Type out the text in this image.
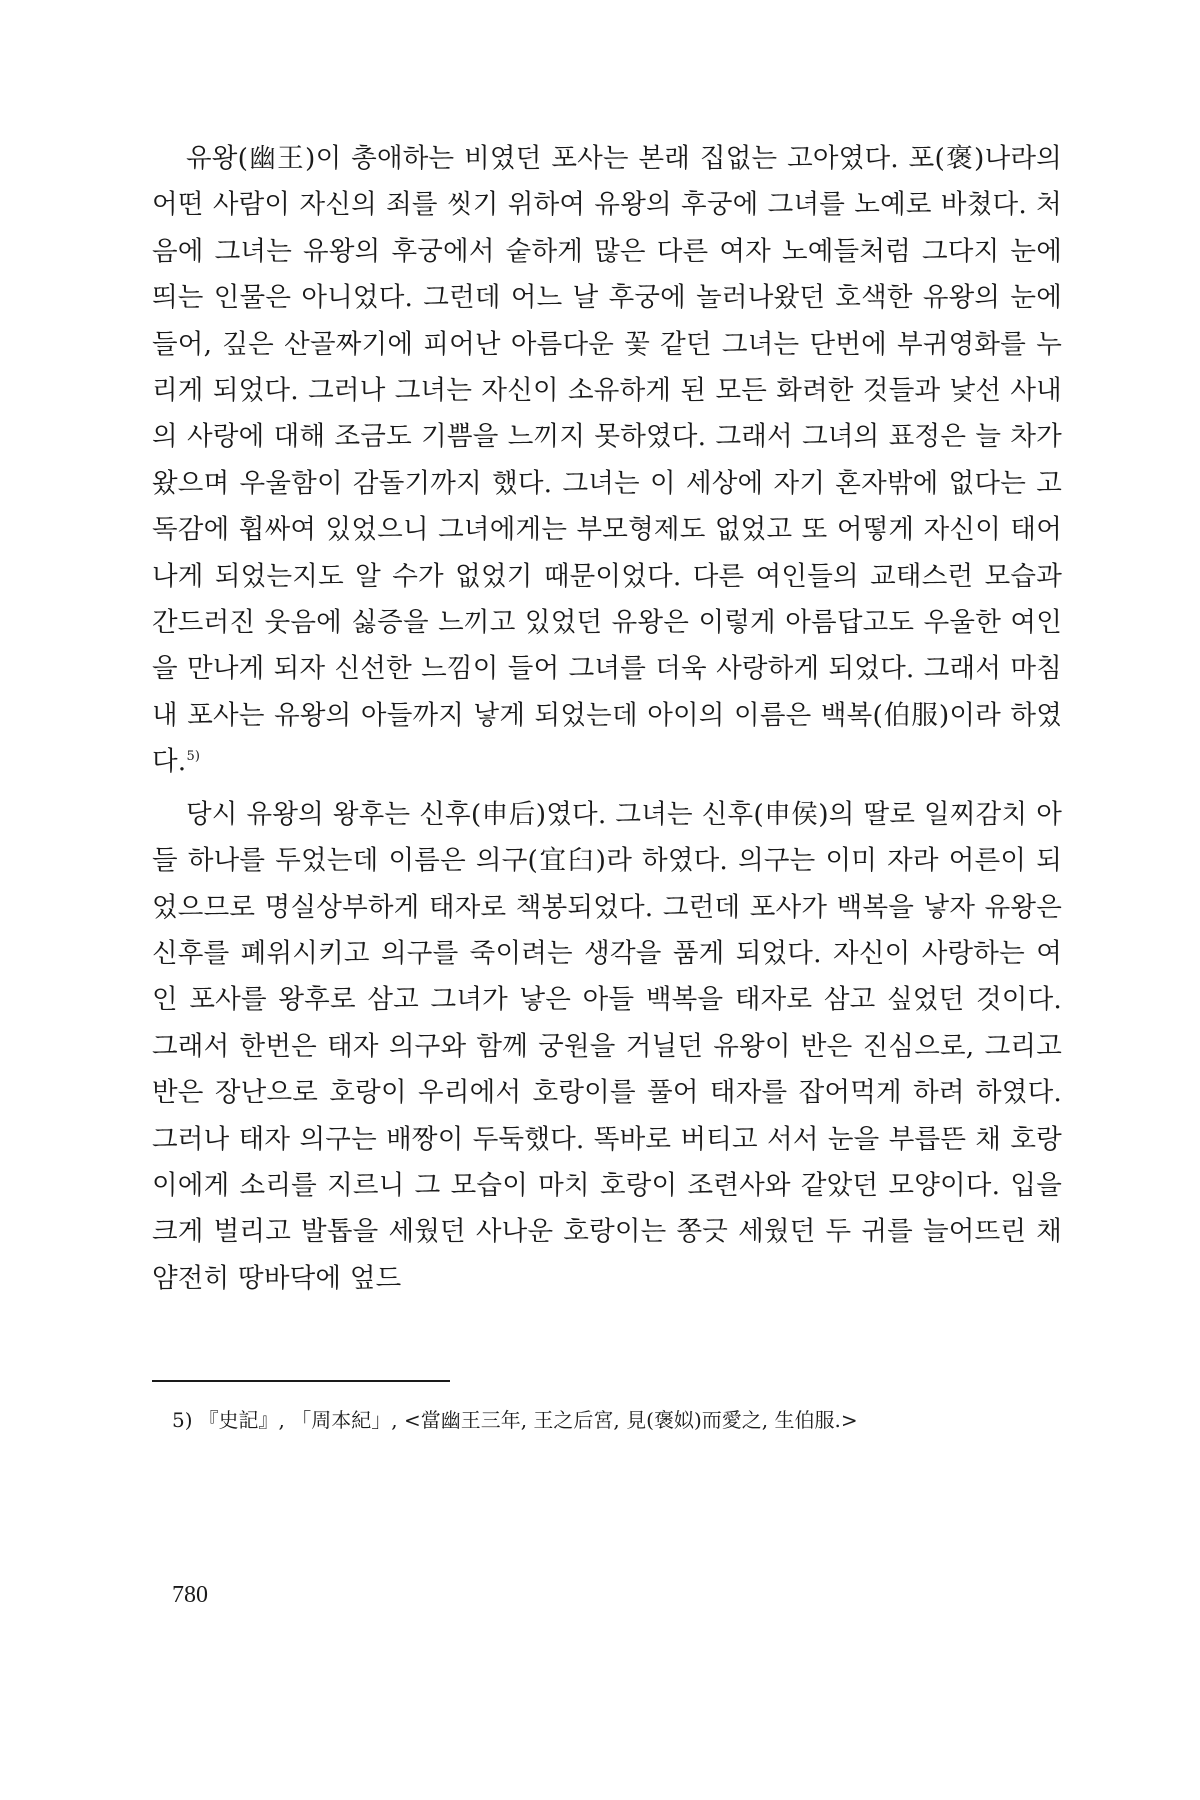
유왕(幽王)이 총애하는 비였던 포사는 본래 집없는 고아였다. 포(褒)나라의 어떤 사람이 자신의 죄를 씻기 위하여 유왕의 후궁에 그녀를 노예로 바쳤다. 처음에 그녀는 유왕의 후궁에서 숱하게 많은 다른 여자 노예들처럼 그다지 눈에 띄는 인물은 아니었다. 그런데 어느 날 후궁에 놀러나왔던 호색한 유왕의 눈에 들어, 깊은 산골짜기에 피어난 아름다운 꽃 같던 그녀는 단번에 부귀영화를 누리게 되었다. 그러나 그녀는 자신이 소유하게 된 모든 화려한 것들과 낯선 사내의 사랑에 대해 조금도 기쁨을 느끼지 못하였다. 그래서 그녀의 표정은 늘 차가왔으며 우울함이 감돌기까지 했다. 그녀는 이 세상에 자기 혼자밖에 없다는 고독감에 휩싸여 있었으니 그녀에게는 부모형제도 없었고 또 어떻게 자신이 태어나게 되었는지도 알 수가 없었기 때문이었다. 다른 여인들의 교태스런 모습과 간드러진 웃음에 싫증을 느끼고 있었던 유왕은 이렇게 아름답고도 우울한 여인을 만나게 되자 신선한 느낌이 들어 그녀를 더욱 사랑하게 되었다. 그래서 마침내 포사는 유왕의 아들까지 낳게 되었는데 아이의 이름은 백복(伯服)이라 하였다.$^{5)}$

당시 유왕의 왕후는 신후(申后)였다. 그녀는 신후(申侯)의 딸로 일찌감치 아들 하나를 두었는데 이름은 의구(宜臼)라 하였다. 의구는 이미 자라 어른이 되었으므로 명실상부하게 태자로 책봉되었다. 그런데 포사가 백복을 낳자 유왕은 신후를 폐위시키고 의구를 죽이려는 생각을 품게 되었다. 자신이 사랑하는 여인 포사를 왕후로 삼고 그녀가 낳은 아들 백복을 태자로 삼고 싶었던 것이다. 그래서 한번은 태자 의구와 함께 궁원을 거닐던 유왕이 반은 진심으로, 그리고 반은 장난으로 호랑이 우리에서 호랑이를 풀어 태자를 잡어먹게 하려 하였다. 그러나 태자 의구는 배짱이 두둑했다. 똑바로 버티고 서서 눈을 부릅뜬 채 호랑이에게 소리를 지르니 그 모습이 마치 호랑이 조련사와 같았던 모양이다. 입을 크게 벌리고 발톱을 세웠던 사나운 호랑이는 쫑긋 세웠던 두 귀를 늘어뜨린 채 얌전히 땅바닥에 엎드

5) 『史記』, 「周本紀」, <當幽王三年, 王之后宮, 見(褒姒)而愛之, 生伯服.>
780
